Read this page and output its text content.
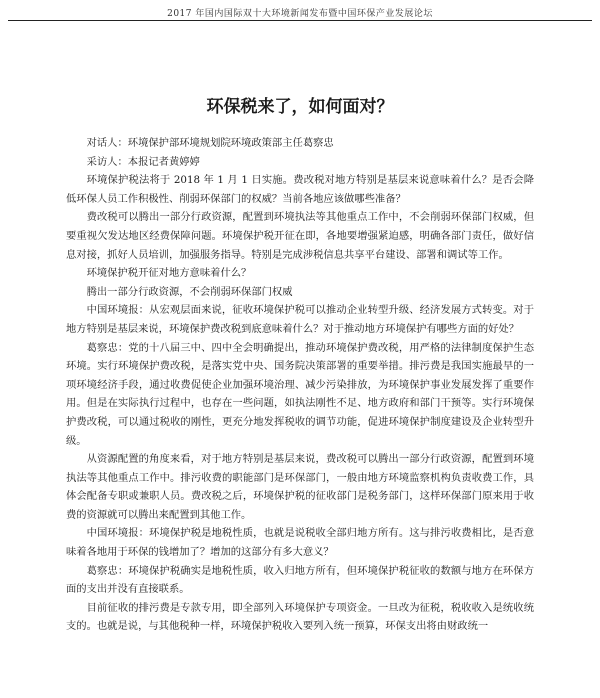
2017 年国内国际双十大环境新闻发布暨中国环保产业发展论坛
环保税来了，如何面对？

对话人：环境保护部环境规划院环境政策部主任葛察忠

采访人：本报记者黄婷婷

环境保护税法将于 2018 年 1 月 1 日实施。费改税对地方特别是基层来说意味着什么？是否会降低环保人员工作积极性、削弱环保部门的权威？当前各地应该做哪些准备？

费改税可以腾出一部分行政资源，配置到环境执法等其他重点工作中，不会削弱环保部门权威，但要重视欠发达地区经费保障问题。环境保护税开征在即，各地要增强紧迫感，明确各部门责任，做好信息对接，抓好人员培训，加强服务指导。特别是完成涉税信息共享平台建设、部署和调试等工作。

环境保护税开征对地方意味着什么？

腾出一部分行政资源，不会削弱环保部门权威

中国环境报：从宏观层面来说，征收环境保护税可以推动企业转型升级、经济发展方式转变。对于地方特别是基层来说，环境保护费改税到底意味着什么？对于推动地方环境保护有哪些方面的好处？

葛察忠：党的十八届三中、四中全会明确提出，推动环境保护费改税，用严格的法律制度保护生态环境。实行环境保护费改税，是落实党中央、国务院决策部署的重要举措。排污费是我国实施最早的一项环境经济手段，通过收费促使企业加强环境治理、减少污染排放，为环境保护事业发展发挥了重要作用。但是在实际执行过程中，也存在一些问题，如执法刚性不足、地方政府和部门干预等。实行环境保护费改税，可以通过税收的刚性，更充分地发挥税收的调节功能，促进环境保护制度建设及企业转型升级。

从资源配置的角度来看，对于地方特别是基层来说，费改税可以腾出一部分行政资源，配置到环境执法等其他重点工作中。排污收费的职能部门是环保部门，一般由地方环境监察机构负责收费工作，具体会配备专职或兼职人员。费改税之后，环境保护税的征收部门是税务部门，这样环保部门原来用于收费的资源就可以腾出来配置到其他工作。

中国环境报：环境保护税是地税性质，也就是说税收全部归地方所有。这与排污收费相比，是否意味着各地用于环保的钱增加了？增加的这部分有多大意义？

葛察忠：环境保护税确实是地税性质，收入归地方所有，但环境保护税征收的数额与地方在环保方面的支出并没有直接联系。

目前征收的排污费是专款专用，即全部列入环境保护专项资金。一旦改为征税，税收收入是统收统支的。也就是说，与其他税种一样，环境保护税收入要列入统一预算，环保支出将由财政统一
